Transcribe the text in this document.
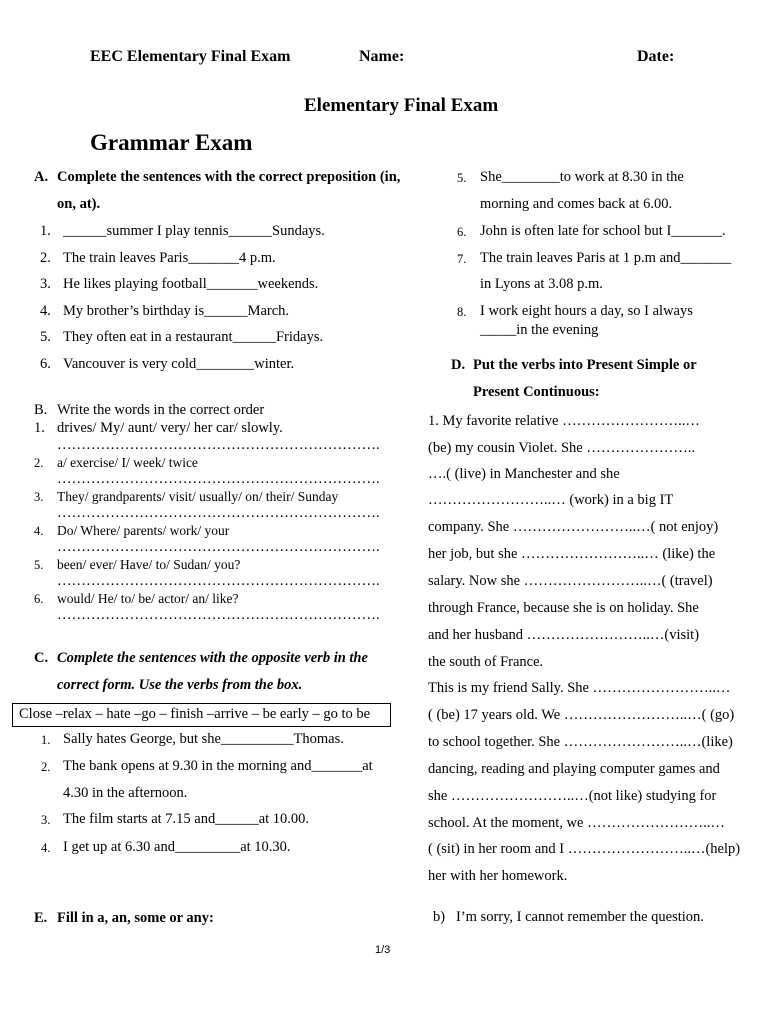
EEC Elementary Final Exam	Name:	Date:
Elementary Final Exam
Grammar Exam
A. Complete the sentences with the correct preposition (in,
on, at).
1. ______summer I play tennis______Sundays.
2. The train leaves Paris_______4 p.m.
3. He likes playing football_______weekends.
4. My brother’s birthday is______March.
5. They often eat in a restaurant______Fridays.
6. Vancouver is very cold________winter.
B. Write the words in the correct order
1. drives/ My/ aunt/ very/ her car/ slowly.
………………………………………………………….
2. a/ exercise/ I/ week/ twice
………………………………………………………….
3. They/ grandparents/ visit/ usually/ on/ their/ Sunday
………………………………………………………….
4. Do/ Where/ parents/ work/ your
………………………………………………………….
5. been/ ever/ Have/ to/ Sudan/ you?
………………………………………………………….
6. would/ He/ to/ be/ actor/ an/ like?
………………………………………………………….
C. Complete the sentences with the opposite verb in the
correct form. Use the verbs from the box.
Close –relax – hate –go – finish –arrive – be early – go to be
1. Sally hates George, but she__________Thomas.
2. The bank opens at 9.30 in the morning and_______at
4.30 in the afternoon.
3. The film starts at 7.15 and______at 10.00.
4. I get up at 6.30 and_________at 10.30.
E. Fill in a, an, some or any:
5. She________to work at 8.30 in the
morning and comes back at 6.00.
6. John is often late for school but I_______.
7. The train leaves Paris at 1 p.m and_______
in Lyons at 3.08 p.m.
8. I work eight hours a day, so I always
_____in the evening
D. Put the verbs into Present Simple or
Present Continuous:
1. My favorite relative ……………………..…
(be) my cousin Violet. She …………………..
….( (live) in Manchester and she
……………………..… (work) in a big IT
company. She ……………………..…( not enjoy)
her job, but she ……………………..… (like) the
salary. Now she ……………………..…( (travel)
through France, because she is on holiday. She
and her husband ……………………..…(visit)
the south of France.
This is my friend Sally. She ……………………..…
( (be) 17 years old. We ……………………..…( (go)
to school together. She ……………………..…(like)
dancing, reading and playing computer games and
she ……………………..…(not like) studying for
school. At the moment, we ……………………..…
( (sit) in her room and I ……………………..…(help)
her with her homework.
b) I’m sorry, I cannot remember the question.
1/3
